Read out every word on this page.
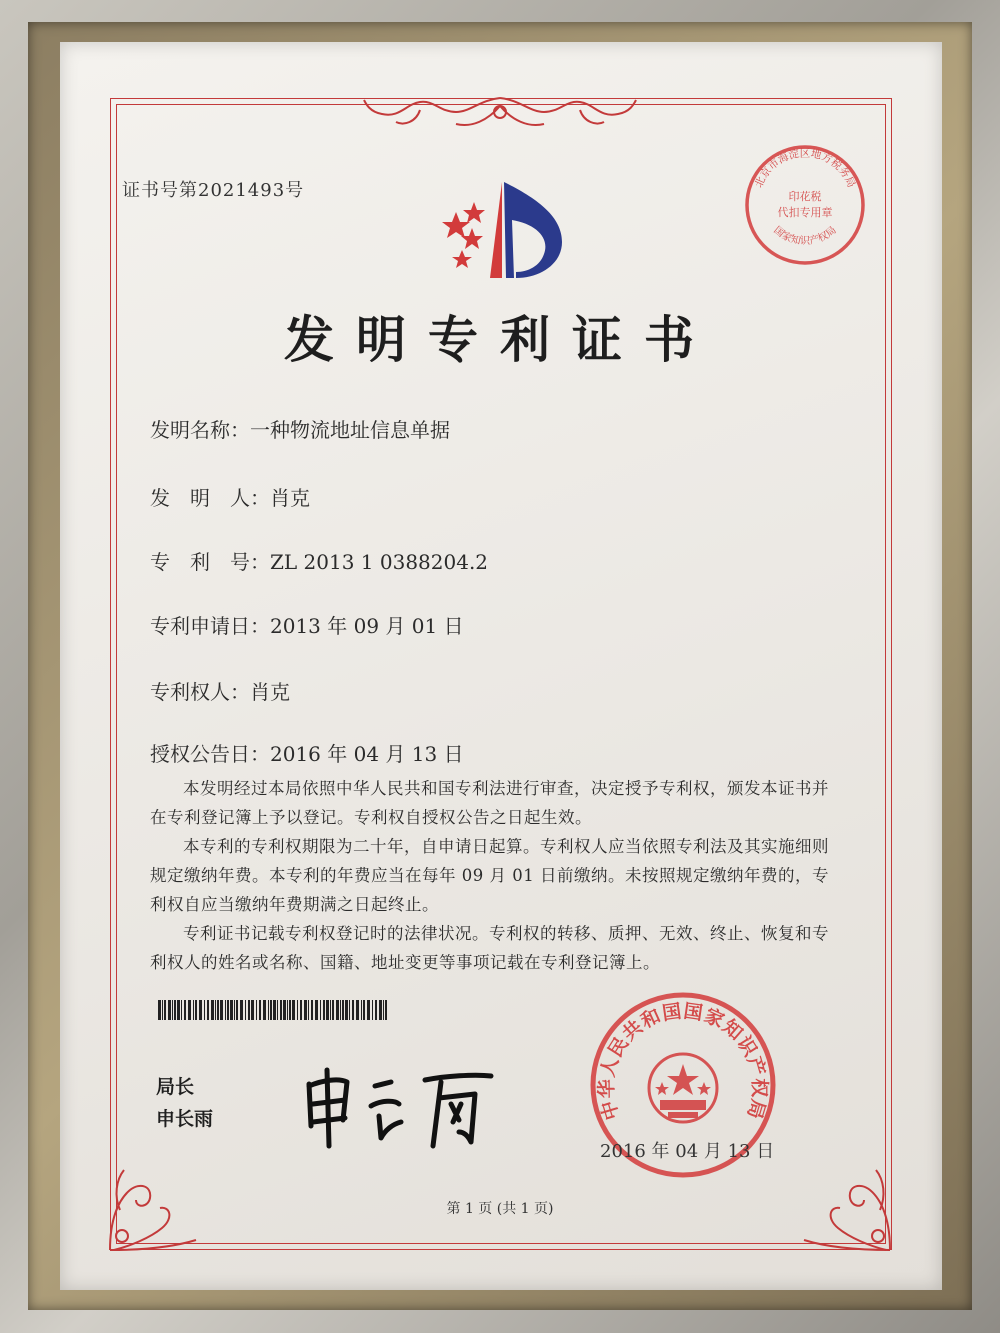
证书号第2021493号
发明专利证书
发明名称：一种物流地址信息单据
发　明　人：肖克
专　利　号：ZL 2013 1 0388204.2
专利申请日：2013 年 09 月 01 日
专利权人：肖克
授权公告日：2016 年 04 月 13 日

本发明经过本局依照中华人民共和国专利法进行审查，决定授予专利权，颁发本证书并在专利登记簿上予以登记。专利权自授权公告之日起生效。

本专利的专利权期限为二十年，自申请日起算。专利权人应当依照专利法及其实施细则规定缴纳年费。本专利的年费应当在每年 09 月 01 日前缴纳。未按照规定缴纳年费的，专利权自应当缴纳年费期满之日起终止。

专利证书记载专利权登记时的法律状况。专利权的转移、质押、无效、终止、恢复和专利权人的姓名或名称、国籍、地址变更等事项记载在专利登记簿上。

局长
申长雨	中华人民共和国国家知识产权局
2016 年 04 月 13 日
北京市海淀区地方税务局
国家知识产权局
印花税
代扣专用章
第 1 页 (共 1 页)
